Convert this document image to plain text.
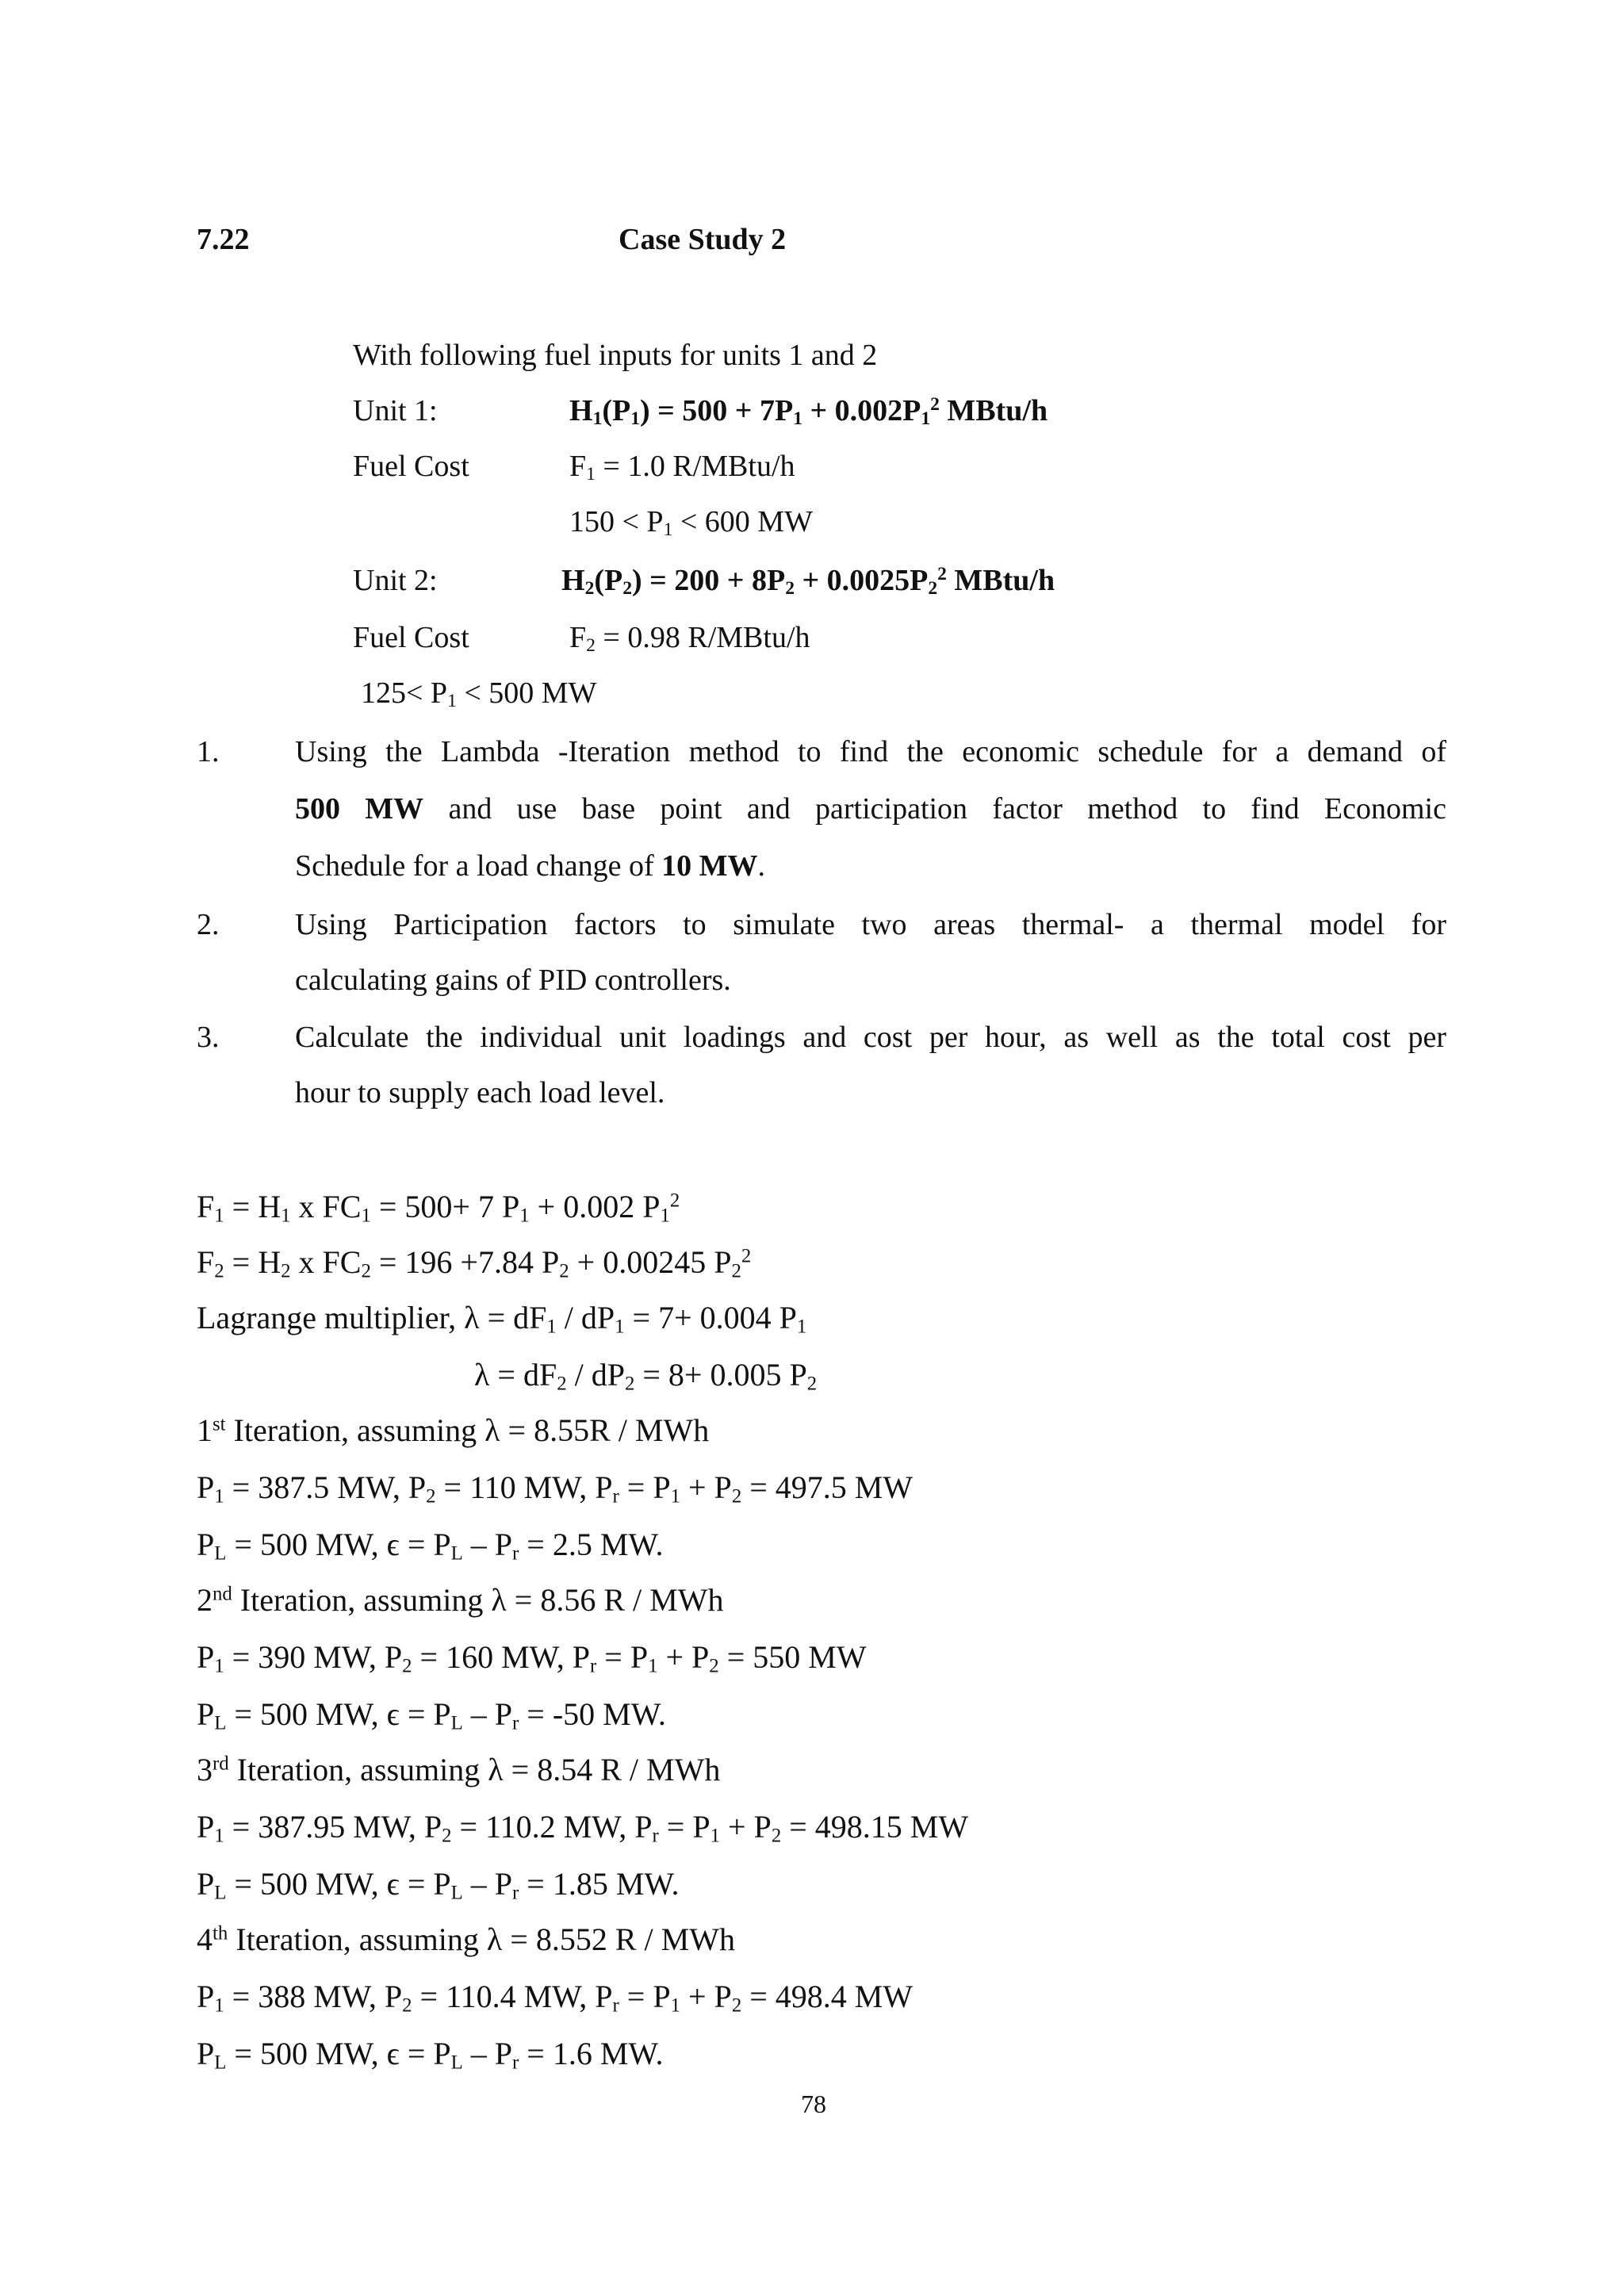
7.22	Case Study 2
With following fuel inputs for units 1 and 2
Unit 1:	$H_1(P_1) = 500 + 7P_1 + 0.002P_1^2$ MBtu/h
Fuel Cost	$F_1 = 1.0$ R/MBtu/h
$150 < P_1 < 600$ MW
Unit 2:	$H_2(P_2) = 200 + 8P_2 + 0.0025P_2^2$ MBtu/h
Fuel Cost	$F_2 = 0.98$ R/MBtu/h
$125< P_1 < 500$ MW
1.	Using the Lambda -Iteration method to find the economic schedule for a demand of
500 MW and use base point and participation factor method to find Economic
Schedule for a load change of 10 MW.
2.	Using Participation factors to simulate two areas thermal- a thermal model for
calculating gains of PID controllers.
3.	Calculate the individual unit loadings and cost per hour, as well as the total cost per
hour to supply each load level.
$F_1 = H_1$ x $FC_1 = 500+ 7$ $P_1 + 0.002$ $P_1^2$
$F_2 = H_2$ x $FC_2 = 196 +7.84$ $P_2 + 0.00245$ $P_2^2$
Lagrange multiplier, $\lambda = dF_1 / dP_1 = 7+ 0.004$ $P_1$
$\lambda = dF_2 / dP_2 = 8+ 0.005$ $P_2$
1st Iteration, assuming λ = 8.55R / MWh
$P_1 = 387.5$ MW, $P_2 = 110$ MW, $P_r = P_1 + P_2 = 497.5$ MW
$P_L = 500$ MW, $\epsilon = P_L - P_r = 2.5$ MW.
2nd Iteration, assuming λ = 8.56 R / MWh
$P_1 = 390$ MW, $P_2 = 160$ MW, $P_r = P_1 + P_2 = 550$ MW
$P_L = 500$ MW, $\epsilon = P_L - P_r = -50$ MW.
3rd Iteration, assuming λ = 8.54 R / MWh
$P_1 = 387.95$ MW, $P_2 = 110.2$ MW, $P_r = P_1 + P_2 = 498.15$ MW
$P_L = 500$ MW, $\epsilon = P_L - P_r = 1.85$ MW.
4th Iteration, assuming λ = 8.552 R / MWh
$P_1 = 388$ MW, $P_2 = 110.4$ MW, $P_r = P_1 + P_2 = 498.4$ MW
$P_L = 500$ MW, $\epsilon = P_L - P_r = 1.6$ MW.
78
